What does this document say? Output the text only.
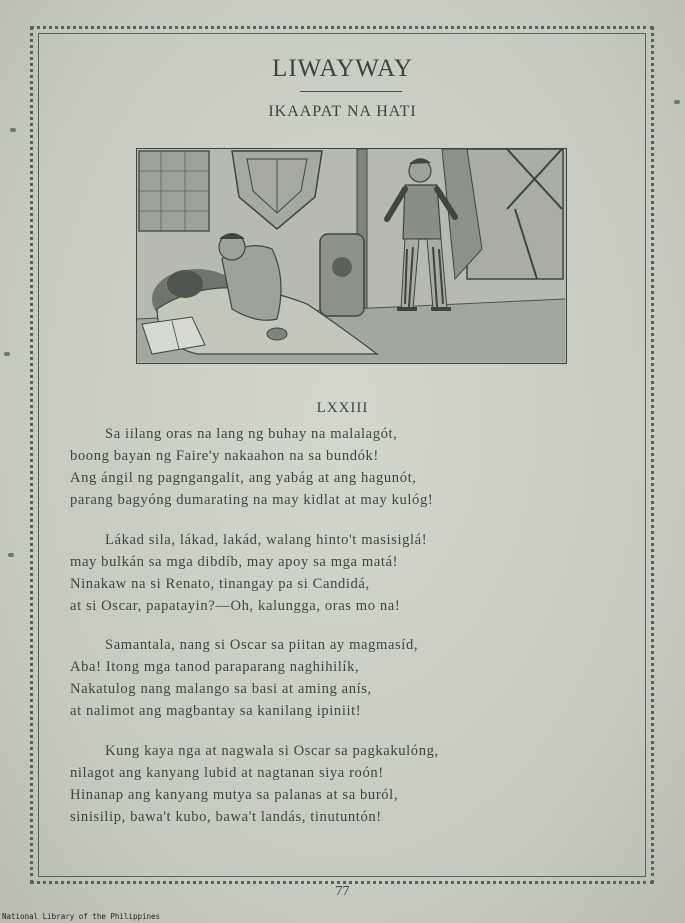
LIWAYWAY
IKAAPAT NA HATI
LXXIII
Sa iilang oras na lang ng buhay na malalagót,
boong bayan ng Faire'y nakaahon na sa bundók!
Ang ángil ng pagngangalit, ang yabág at ang hagunót,
parang bagyóng dumarating na may kidlat at may kulóg!
Lákad sila, lákad, lakád, walang hinto't masisiglá!
may bulkán sa mga dibdíb, may apoy sa mga matá!
Ninakaw na si Renato, tinangay pa si Candidá,
at si Oscar, papatayin?—Oh, kalungga, oras mo na!
Samantala, nang si Oscar sa piitan ay magmasíd,
Aba! Itong mga tanod paraparang naghihilík,
Nakatulog nang malango sa basi at aming anís,
at nalimot ang magbantay sa kanilang ipiniit!
Kung kaya nga at nagwala si Oscar sa pagkakulóng,
nilagot ang kanyang lubid at nagtanan siya roón!
Hinanap ang kanyang mutya sa palanas at sa buról,
sinisilip, bawa't kubo, bawa't landás, tinutuntón!
77
National Library of the Philippines
